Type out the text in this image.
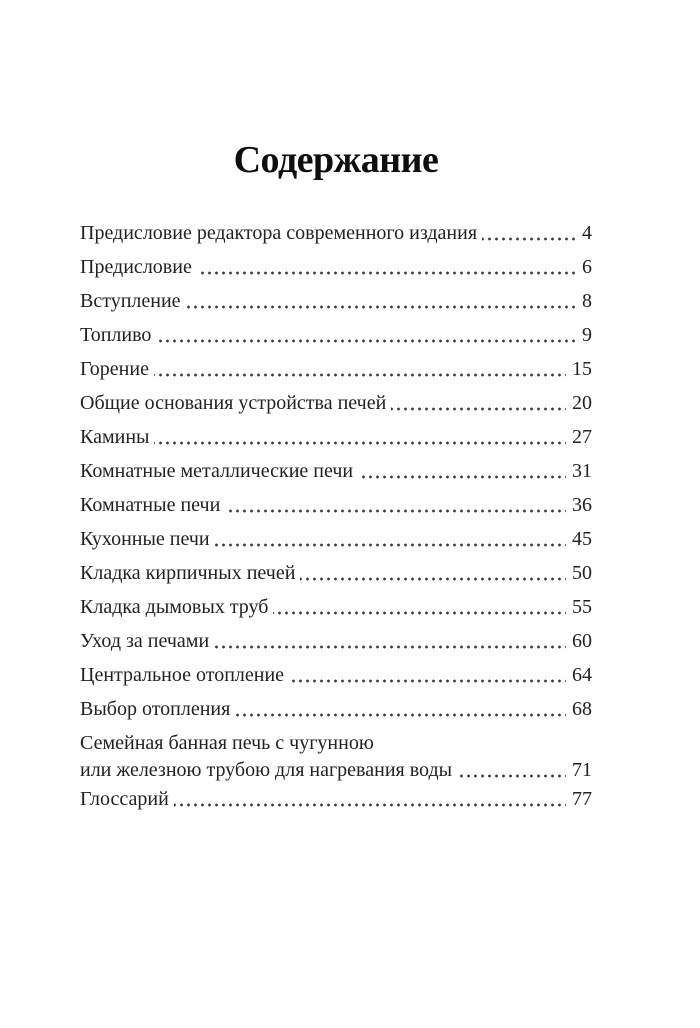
Содержание
Предисловие редактора современного издания	4
Предисловие	6
Вступление	8
Топливо	9
Горение	15
Общие основания устройства печей	20
Камины	27
Комнатные металлические печи	31
Комнатные печи	36
Кухонные печи	45
Кладка кирпичных печей	50
Кладка дымовых труб	55
Уход за печами	60
Центральное отопление	64
Выбор отопления	68
Семейная банная печь с чугунною
или железною трубою для нагревания воды	71
Глоссарий	77
